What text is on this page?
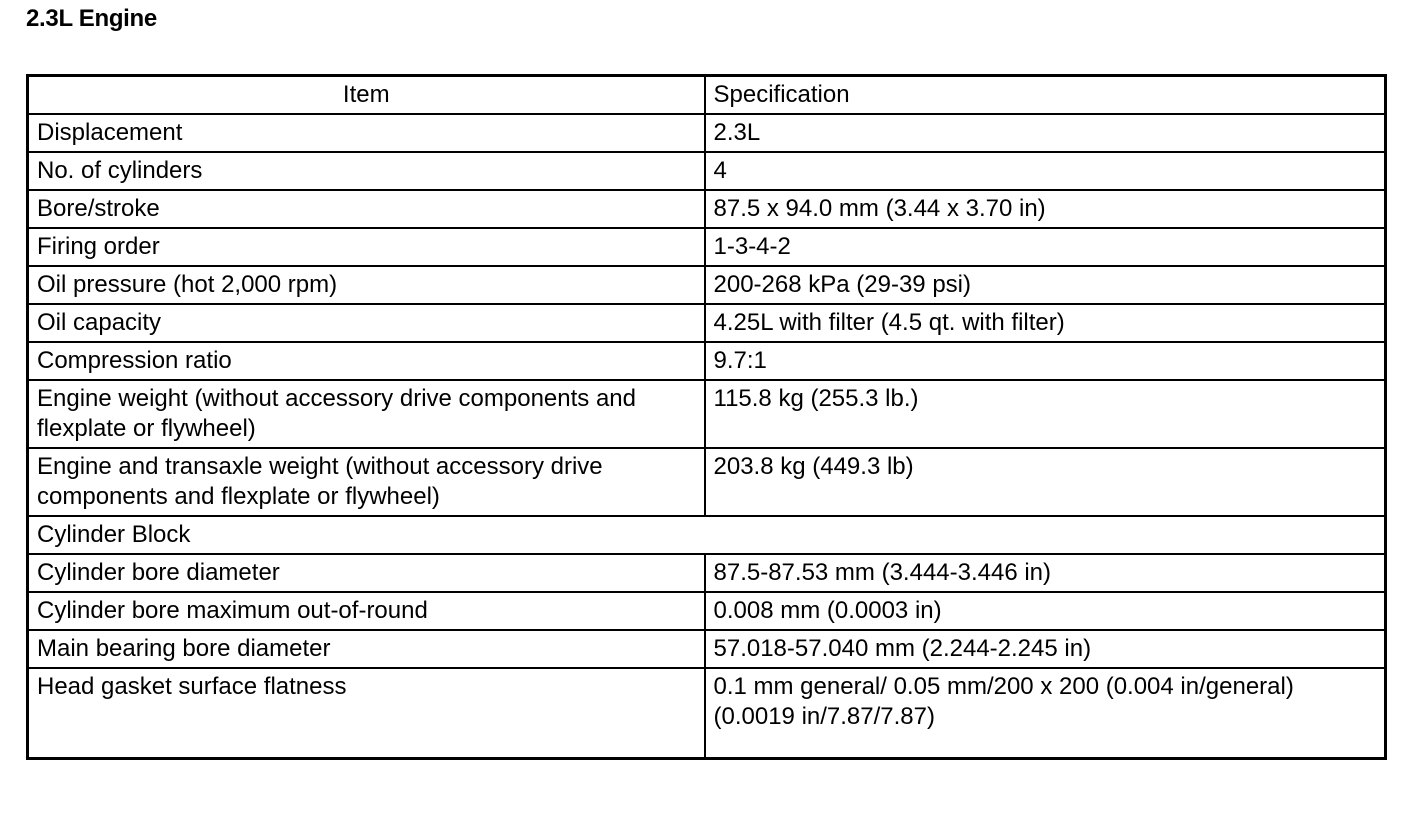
2.3L Engine
Item	Specification
Displacement	2.3L
No. of cylinders	4
Bore/stroke	87.5 x 94.0 mm (3.44 x 3.70 in)
Firing order	1-3-4-2
Oil pressure (hot 2,000 rpm)	200-268 kPa (29-39 psi)
Oil capacity	4.25L with filter (4.5 qt. with filter)
Compression ratio	9.7:1
Engine weight (without accessory drive components and flexplate or flywheel)	115.8 kg (255.3 lb.)
Engine and transaxle weight (without accessory drive components and flexplate or flywheel)	203.8 kg (449.3 lb)
Cylinder Block	
Cylinder bore diameter	87.5-87.53 mm (3.444-3.446 in)
Cylinder bore maximum out-of-round	0.008 mm (0.0003 in)
Main bearing bore diameter	57.018-57.040 mm (2.244-2.245 in)
Head gasket surface flatness	0.1 mm general/ 0.05 mm/200 x 200 (0.004 in/general) (0.0019 in/7.87/7.87)
